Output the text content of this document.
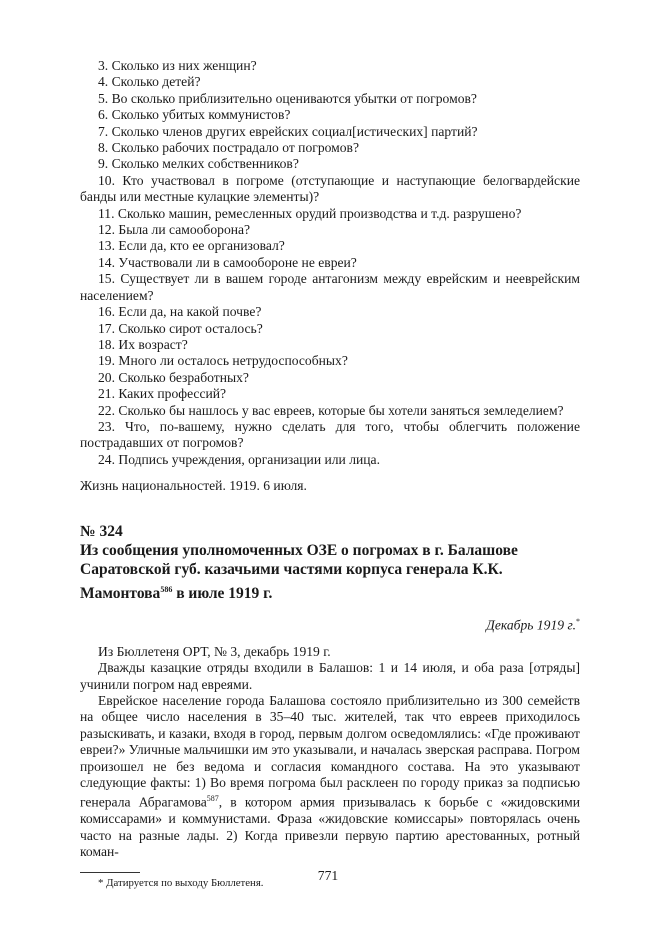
3. Сколько из них женщин?

4. Сколько детей?

5. Во сколько приблизительно оцениваются убытки от погромов?

6. Сколько убитых коммунистов?

7. Сколько членов других еврейских социал[истических] партий?

8. Сколько рабочих пострадало от погромов?

9. Сколько мелких собственников?

10. Кто участвовал в погроме (отступающие и наступающие белогвардейские банды или местные кулацкие элементы)?

11. Сколько машин, ремесленных орудий производства и т.д. разрушено?

12. Была ли самооборона?

13. Если да, кто ее организовал?

14. Участвовали ли в самообороне не евреи?

15. Существует ли в вашем городе антагонизм между еврейским и нееврейским населением?

16. Если да, на какой почве?

17. Сколько сирот осталось?

18. Их возраст?

19. Много ли осталось нетрудоспособных?

20. Сколько безработных?

21. Каких профессий?

22. Сколько бы нашлось у вас евреев, которые бы хотели заняться земледелием?

23. Что, по-вашему, нужно сделать для того, чтобы облегчить положение пострадавших от погромов?

24. Подпись учреждения, организации или лица.

Жизнь национальностей. 1919. 6 июля.

№ 324
Из сообщения уполномоченных ОЗЕ о погромах в г. Балашове Саратовской губ. казачьими частями корпуса генерала К.К. Мамонтова$^{586}$ в июле 1919 г.

Декабрь 1919 г.*

Из Бюллетеня ОРТ, № 3, декабрь 1919 г.

Дважды казацкие отряды входили в Балашов: 1 и 14 июля, и оба раза [отряды] учинили погром над евреями.

Еврейское население города Балашова состояло приблизительно из 300 семейств на общее число населения в 35–40 тыс. жителей, так что евреев приходилось разыскивать, и казаки, входя в город, первым долгом осведомлялись: «Где проживают евреи?» Уличные мальчишки им это указывали, и началась зверская расправа. Погром произошел не без ведома и согласия командного состава. На это указывают следующие факты: 1) Во время погрома был расклеен по городу приказ за подписью генерала Абрагамова$^{587}$, в котором армия призывалась к борьбе с «жидовскими комиссарами» и коммунистами. Фраза «жидовские комиссары» повторялась очень часто на разные лады. 2) Когда привезли первую партию арестованных, ротный коман-

* Датируется по выходу Бюллетеня.	771
